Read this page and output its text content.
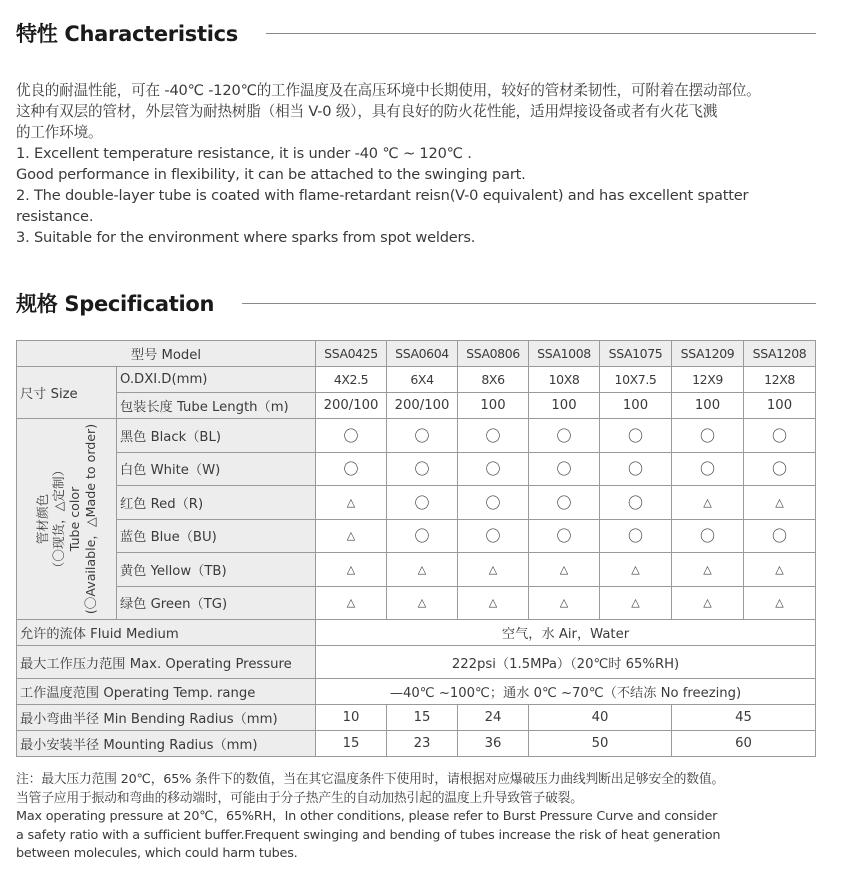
特性 Characteristics

优良的耐温性能，可在 -40℃ -120℃的工作温度及在高压环境中长期使用，较好的管材柔韧性，可附着在摆动部位。

这种有双层的管材，外层管为耐热树脂（相当 V-0 级），具有良好的防火花性能，适用焊接设备或者有火花飞溅

的工作环境。

1. Excellent temperature resistance, it is under -40 ℃ ~ 120℃ .

Good performance in flexibility, it can be attached to the swinging part.

2. The double-layer tube is coated with flame-retardant reisn(V-0 equivalent) and has excellent spatter

resistance.

3. Suitable for the environment where sparks from spot welders.

规格 Specification
型号 Model		SSA0425	SSA0604	SSA0806	SSA1008	SSA1075	SSA1209	SSA1208
尺寸 Size	O.DXI.D(mm)	4X2.5	6X4	8X6	10X8	10X7.5	12X9	12X8
	包装长度 Tube Length（m)	200/100	200/100	100	100	100	100	100

管材颜色 （〇现货，△定制） Tube color (〇Available，△Made to order)	黑色 Black（BL)	〇	〇	〇	〇	〇	〇	〇
	白色 White（W)	〇	〇	〇	〇	〇	〇	〇
	红色 Red（R)	△	〇	〇	〇	〇	△	△
	蓝色 Blue（BU)	△	〇	〇	〇	〇	〇	〇
	黄色 Yellow（TB)	△	△	△	△	△	△	△
	绿色 Green（TG)	△	△	△	△	△	△	△
允许的流体 Fluid Medium		空气，水 Air，Water						
最大工作压力范围 Max. Operating Pressure		222psi（1.5MPa）（20℃时 65%RH)						
工作温度范围 Operating Temp. range		—40℃ ~100℃；通水 0℃ ~70℃（不结冻 No freezing)						
最小弯曲半径 Min Bending Radius（mm)		10	15	24	40		45	
最小安装半径 Mounting Radius（mm)		15	23	36	50		60	

注：最大压力范围 20℃，65% 条件下的数值，当在其它温度条件下使用时，请根据对应爆破压力曲线判断出足够安全的数值。

当管子应用于振动和弯曲的移动端时，可能由于分子热产生的自动加热引起的温度上升导致管子破裂。

Max operating pressure at 20℃，65%RH，In other conditions, please refer to Burst Pressure Curve and consider

a safety ratio with a sufficient buffer.Frequent swinging and bending of tubes increase the risk of heat generation

between molecules, which could harm tubes.
